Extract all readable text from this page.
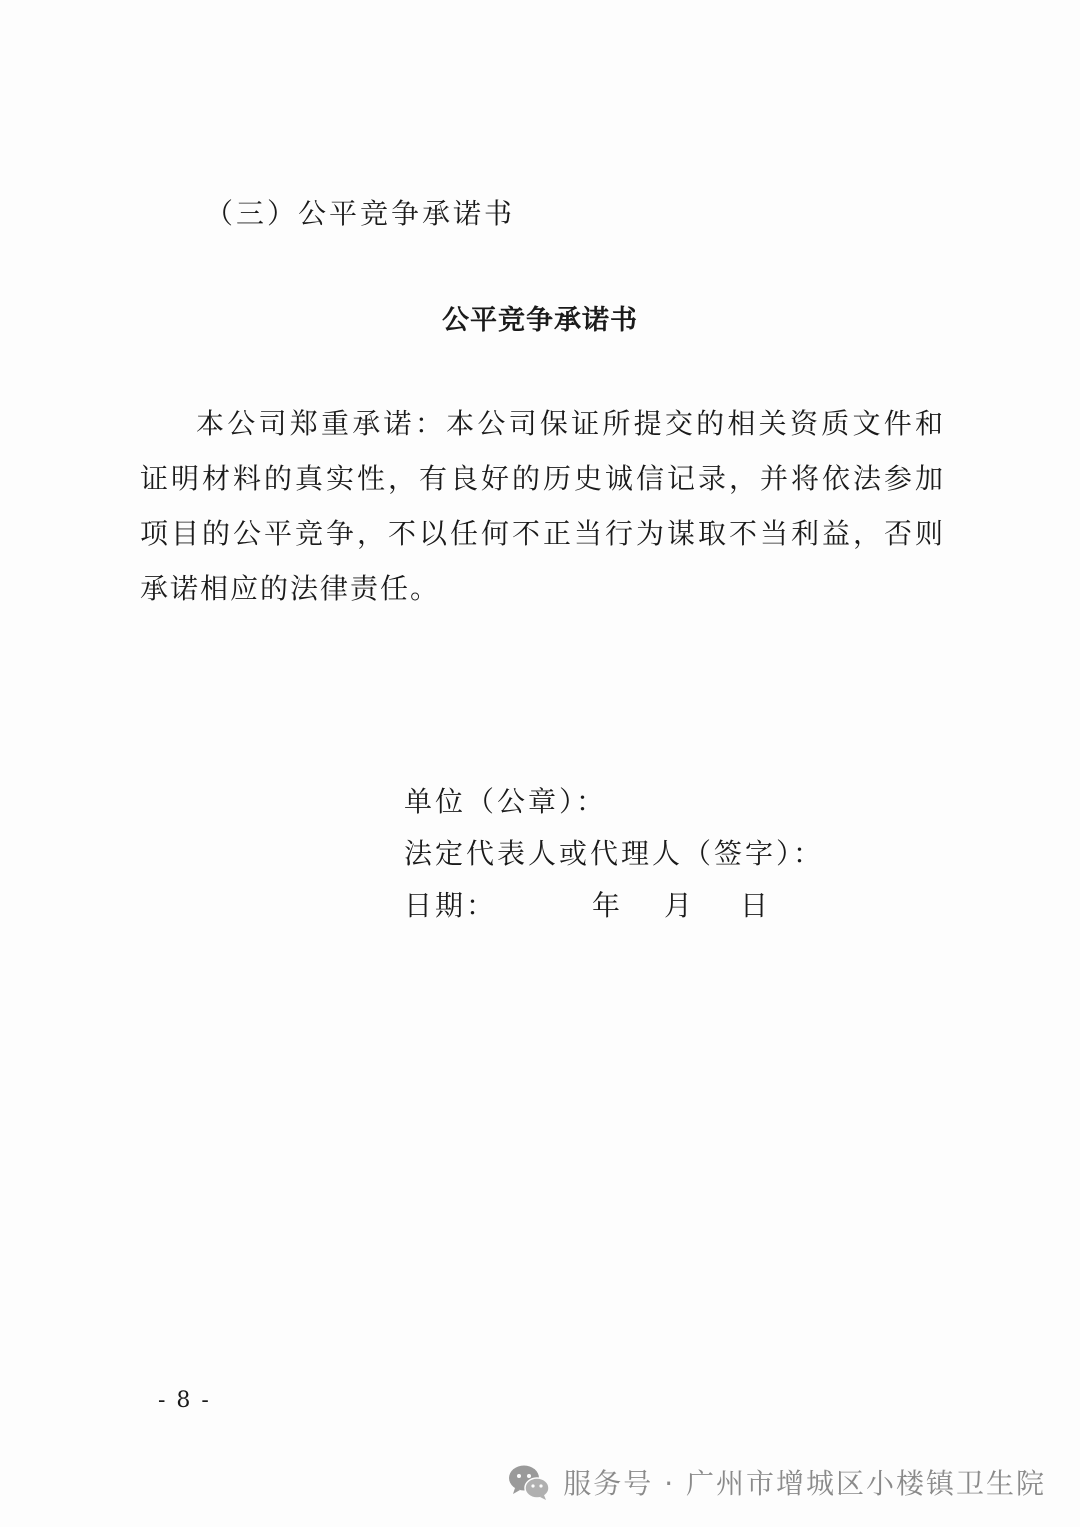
（三）公平竞争承诺书
公平竞争承诺书

本公司郑重承诺：本公司保证所提交的相关资质文件和证明材料的真实性，有良好的历史诚信记录，并将依法参加项目的公平竞争，不以任何不正当行为谋取不当利益，否则承诺相应的法律责任。

单位（公章）：
法定代表人或代理人（签字）：
日期：	年 月 日
- 8 -
服务号 · 广州市增城区小楼镇卫生院
